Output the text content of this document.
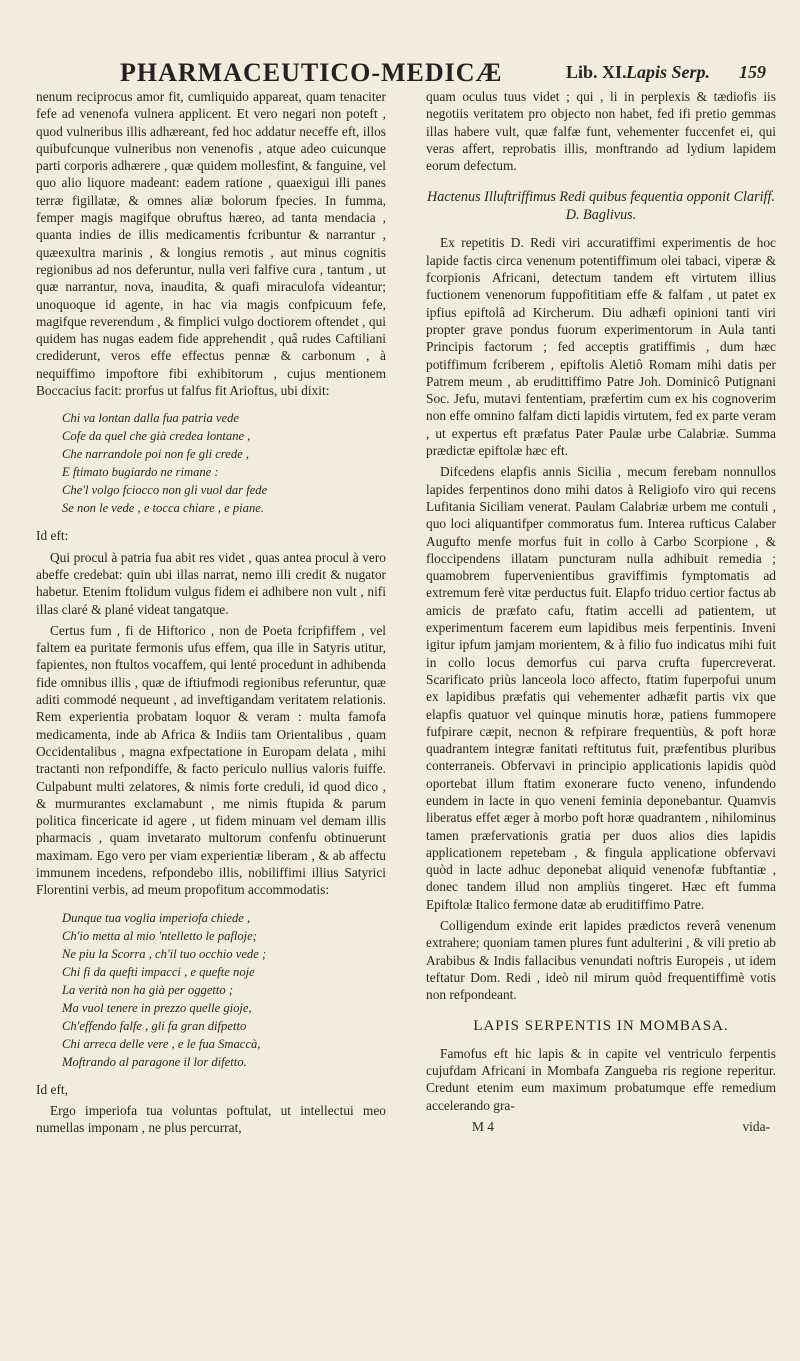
PHARMACEUTICO-MEDICÆ	Lib. XI. Lapis Serp. 159

nenum reciprocus amor fit, cumliquido appareat, quam tenaciter fefe ad venenofa vulnera applicent. Et vero negari non poteft , quod vulneribus illis adhæreant, fed hoc addatur neceffe eft, illos quibufcunque vulneribus non venenofis , atque adeo cuicunque parti corporis adhærere , quæ quidem mollesfint, & fanguine, vel quo alio liquore madeant: eadem ratione , quaexigui illi panes terræ figillatæ, & omnes aliæ bolorum fpecies. In fumma, femper magis magifque obruftus hæreo, ad tanta mendacia , quanta indies de illis medicamentis fcribuntur & narrantur , quæexultra marinis , & longius remotis , aut minus cognitis regionibus ad nos deferuntur, nulla veri falfive cura , tantum , ut quæ narrantur, nova, inaudita, & quafi miraculofa videantur; unoquoque id agente, in hac via magis confpicuum fefe, magifque reverendum , & fimplici vulgo doctiorem oftendet , qui quidem has nugas eadem fide apprehendit , quâ rudes Caftiliani crediderunt, veros effe effectus pennæ & carbonum , à nequiffimo impoftore fibi exhibitorum , cujus mentionem Boccacius facit: prorfus ut falfus fit Arioftus, ubi dixit:

Chi va lontan dalla fua patria vede
Cofe da quel che già credea lontane ,
Che narrandole poi non fe gli crede ,
E ftimato bugiardo ne rimane :
Che'l volgo fciocco non gli vuol dar fede
Se non le vede , e tocca chiare , e piane.

Id eft:

Qui procul à patria fua abit res videt , quas antea procul à vero abeffe credebat: quin ubi illas narrat, nemo illi credit & nugator habetur. Etenim ftolidum vulgus fidem ei adhibere non vult , nifi illas claré & plané videat tangatque.

Certus fum , fi de Hiftorico , non de Poeta fcripfiffem , vel faltem ea puritate fermonis ufus effem, qua ille in Satyris utitur, fapientes, non ftultos vocaffem, qui lenté procedunt in adhibenda fide omnibus illis , quæ de iftiufmodi regionibus referuntur, quæ aditi commodé nequeunt , ad inveftigandam veritatem relationis. Rem experientia probatam loquor & veram : multa famofa medicamenta, inde ab Africa & Indiis tam Orientalibus , quam Occidentalibus , magna exfpectatione in Europam delata , mihi tractanti non refpondiffe, & facto periculo nullius valoris fuiffe. Culpabunt multi zelatores, & nimis forte creduli, id quod dico , & murmurantes exclamabunt , me nimis ftupida & parum politica fincericate id agere , ut fidem minuam vel demam illis pharmacis , quam invetarato multorum confenfu obtinuerunt maximam. Ego vero per viam experientiæ liberam , & ab affectu immunem incedens, refpondebo illis, nobiliffimi illius Satyrici Florentini verbis, ad meum propofitum accommodatis:

Dunque tua voglia imperiofa chiede ,
Ch'io metta al mio 'ntelletto le pafloje;
Ne piu la Scorra , ch'il tuo occhio vede ;
Chi fi da quefti impacci , e quefte noje
La verità non ha già per oggetto ;
Ma vuol tenere in prezzo quelle gioje,
Ch'effendo falfe , gli fa gran difpetto
Chi arreca delle vere , e le fua Smaccà,
Moftrando al paragone il lor difetto.

Id eft,

Ergo imperiofa tua voluntas poftulat, ut intellectui meo numellas imponam , ne plus percurrat,

quam oculus tuus videt ; qui , li in perplexis & tædiofis iis negotiis veritatem pro objecto non habet, fed ifi pretio gemmas illas habere vult, quæ falfæ funt, vehementer fuccenfet ei, qui veras affert, reprobatis illis, monftrando ad lydium lapidem eorum defectum.

Hactenus Illuftriffimus Redi quibus fequentia opponit Clariff. D. Baglivus.

Ex repetitis D. Redi viri accuratiffimi experimentis de hoc lapide factis circa venenum potentiffimum olei tabaci, viperæ & fcorpionis Africani, detectum tandem eft virtutem illius fuctionem venenorum fuppofititiam effe & falfam , ut patet ex ipfius epiftolâ ad Kircherum. Diu adhæfi opinioni tanti viri propter grave pondus fuorum experimentorum in Aula tanti Principis factorum ; fed acceptis gratiffimis , dum hæc potiffimum fcriberem , epiftolis Aletiô Romam mihi datis per Patrem meum , ab erudittiffimo Patre Joh. Dominicô Putignani Soc. Jefu, mutavi fententiam, præfertim cum ex his cognoverim non effe omnino falfam dicti lapidis virtutem, fed ex parte veram , ut expertus eft præfatus Pater Paulæ urbe Calabriæ. Summa prædictæ epiftolæ hæc eft.

Difcedens elapfis annis Sicilia , mecum ferebam nonnullos lapides ferpentinos dono mihi datos à Religiofo viro qui recens Lufitania Siciliam venerat. Paulam Calabriæ urbem me contuli , quo loci aliquantifper commoratus fum. Interea rufticus Calaber Augufto menfe morfus fuit in collo à Carbo Scorpione , & floccipendens illatam puncturam nulla adhibuit remedia ; quamobrem fupervenientibus graviffimis fymptomatis ad extremum ferè vitæ perductus fuit. Elapfo triduo certior factus ab amicis de præfato cafu, ftatim accelli ad patientem, ut experimentum facerem eum lapidibus meis ferpentinis. Inveni igitur ipfum jamjam morientem, & à filio fuo indicatus mihi fuit in collo locus demorfus cui parva crufta fupercreverat. Scarificato priùs lanceola loco affecto, ftatim fuperpofui unum ex lapidibus præfatis qui vehementer adhæfit partis vix que elapfis quatuor vel quinque minutis horæ, patiens fummopere fufpirare cæpit, necnon & refpirare frequentiùs, & poft horæ quadrantem integræ fanitati reftitutus fuit, præfentibus pluribus conterraneis. Obfervavi in principio applicationis lapidis quòd oportebat illum ftatim exonerare fucto veneno, infundendo eundem in lacte in quo veneni feminia deponebantur. Quamvis liberatus effet æger à morbo poft horæ quadrantem , nihilominus tamen præfervationis gratia per duos alios dies lapidis applicationem repetebam , & fingula applicatione obfervavi quòd in lacte adhuc deponebat aliquid venenofæ fubftantiæ , donec tandem illud non ampliùs tingeret. Hæc eft fumma Epiftolæ Italico fermone datæ ab eruditiffimo Patre.

Colligendum exinde erit lapides prædictos reverâ venenum extrahere; quoniam tamen plures funt adulterini , & vili pretio ab Arabibus & Indis fallacibus venundati noftris Europeis , ut idem teftatur Dom. Redi , ideò nil mirum quòd frequentiffimè votis non refpondeant.

LAPIS SERPENTIS IN MOMBASA.

Famofus eft hic lapis & in capite vel ventriculo ferpentis cujufdam Africani in Mombafa Zangueba ris regione reperitur. Credunt etenim eum maximum probatumque effe remedium accelerando gra-

M 4	vida-
